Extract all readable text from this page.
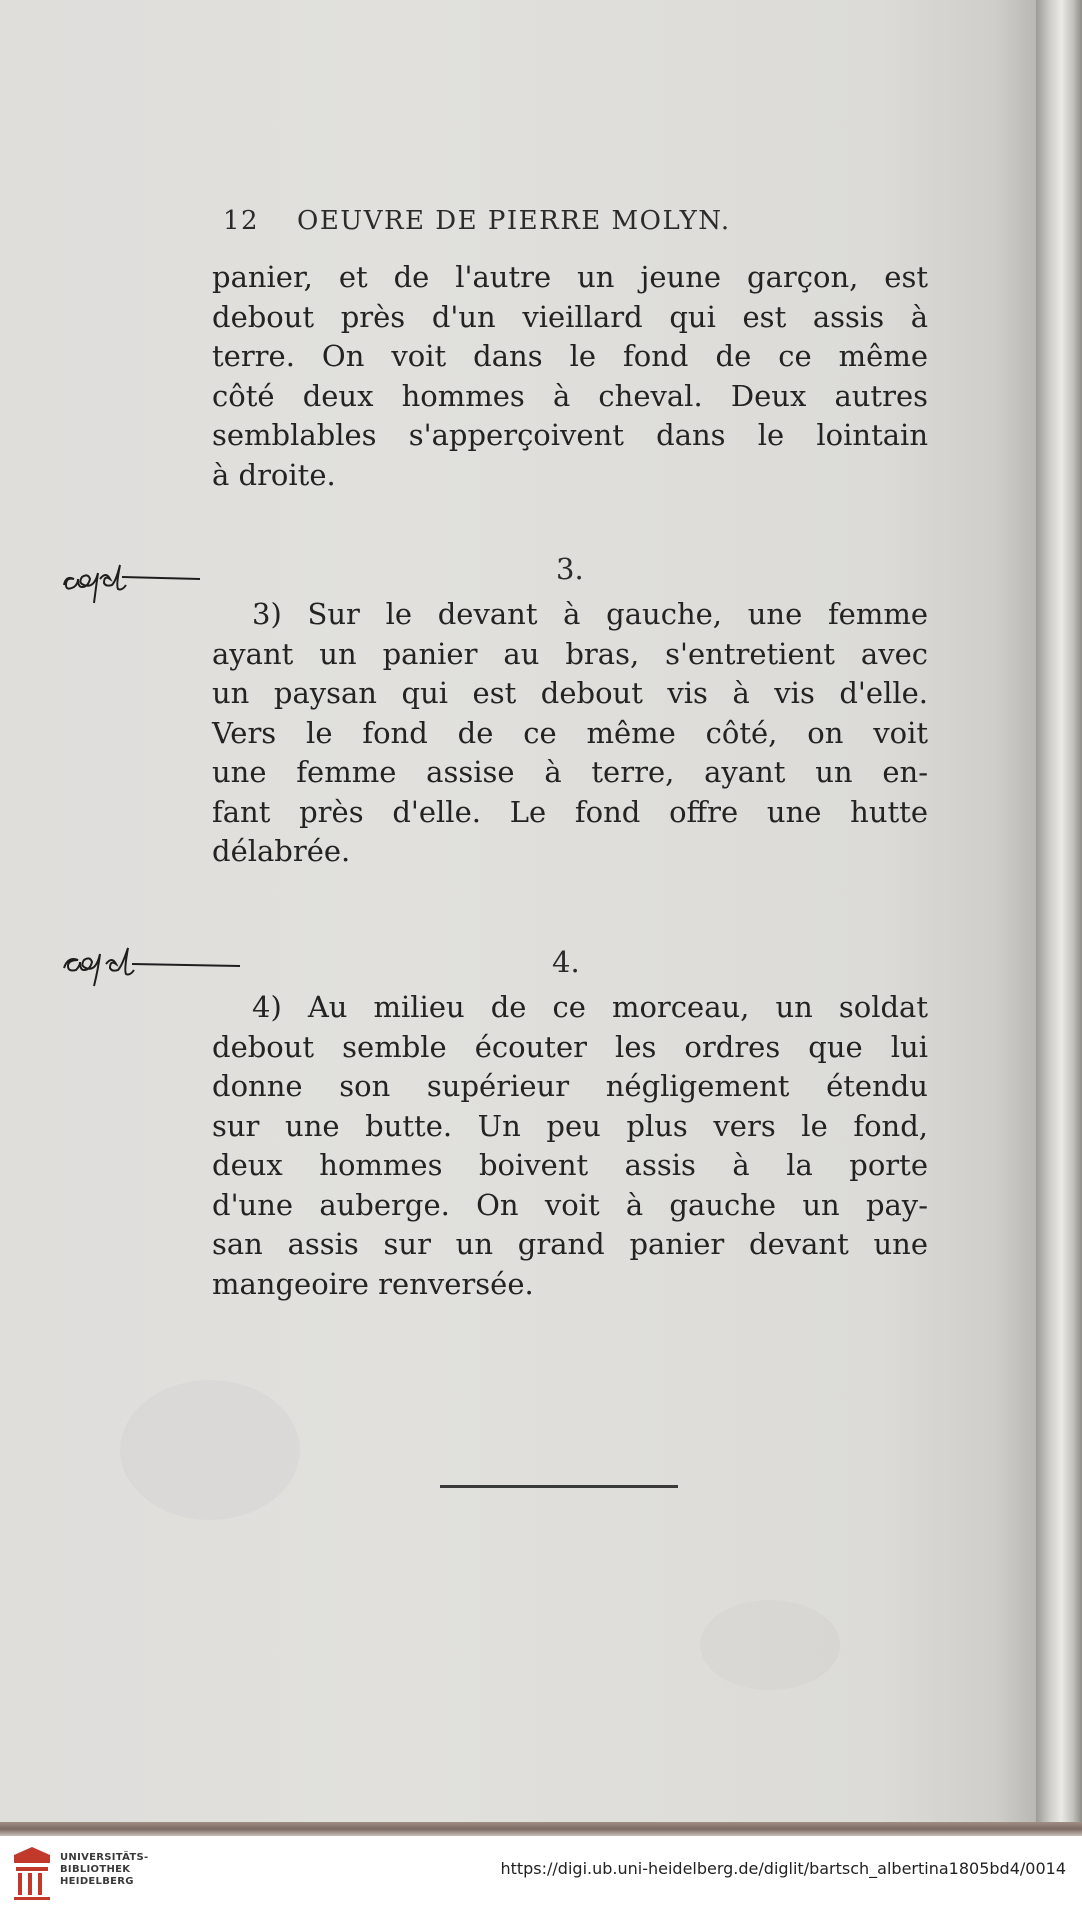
12 OEUVRE DE PIERRE MOLYN.
panier, et de l'autre un jeune garçon, est
debout près d'un vieillard qui est assis à
terre. On voit dans le fond de ce même
côté deux hommes à cheval. Deux autres
semblables s'apperçoivent dans le lointain
à droite.
3.
3) Sur le devant à gauche, une femme
ayant un panier au bras, s'entretient avec
un paysan qui est debout vis à vis d'elle.
Vers le fond de ce même côté, on voit
une femme assise à terre, ayant un en-
fant près d'elle. Le fond offre une hutte
délabrée.
4.
4) Au milieu de ce morceau, un soldat
debout semble écouter les ordres que lui
donne son supérieur négligement étendu
sur une butte. Un peu plus vers le fond,
deux hommes boivent assis à la porte
d'une auberge. On voit à gauche un pay-
san assis sur un grand panier devant une
mangeoire renversée.
UNIVERSITÄTS-
BIBLIOTHEK
HEIDELBERG
https://digi.ub.uni-heidelberg.de/diglit/bartsch_albertina1805bd4/0014
